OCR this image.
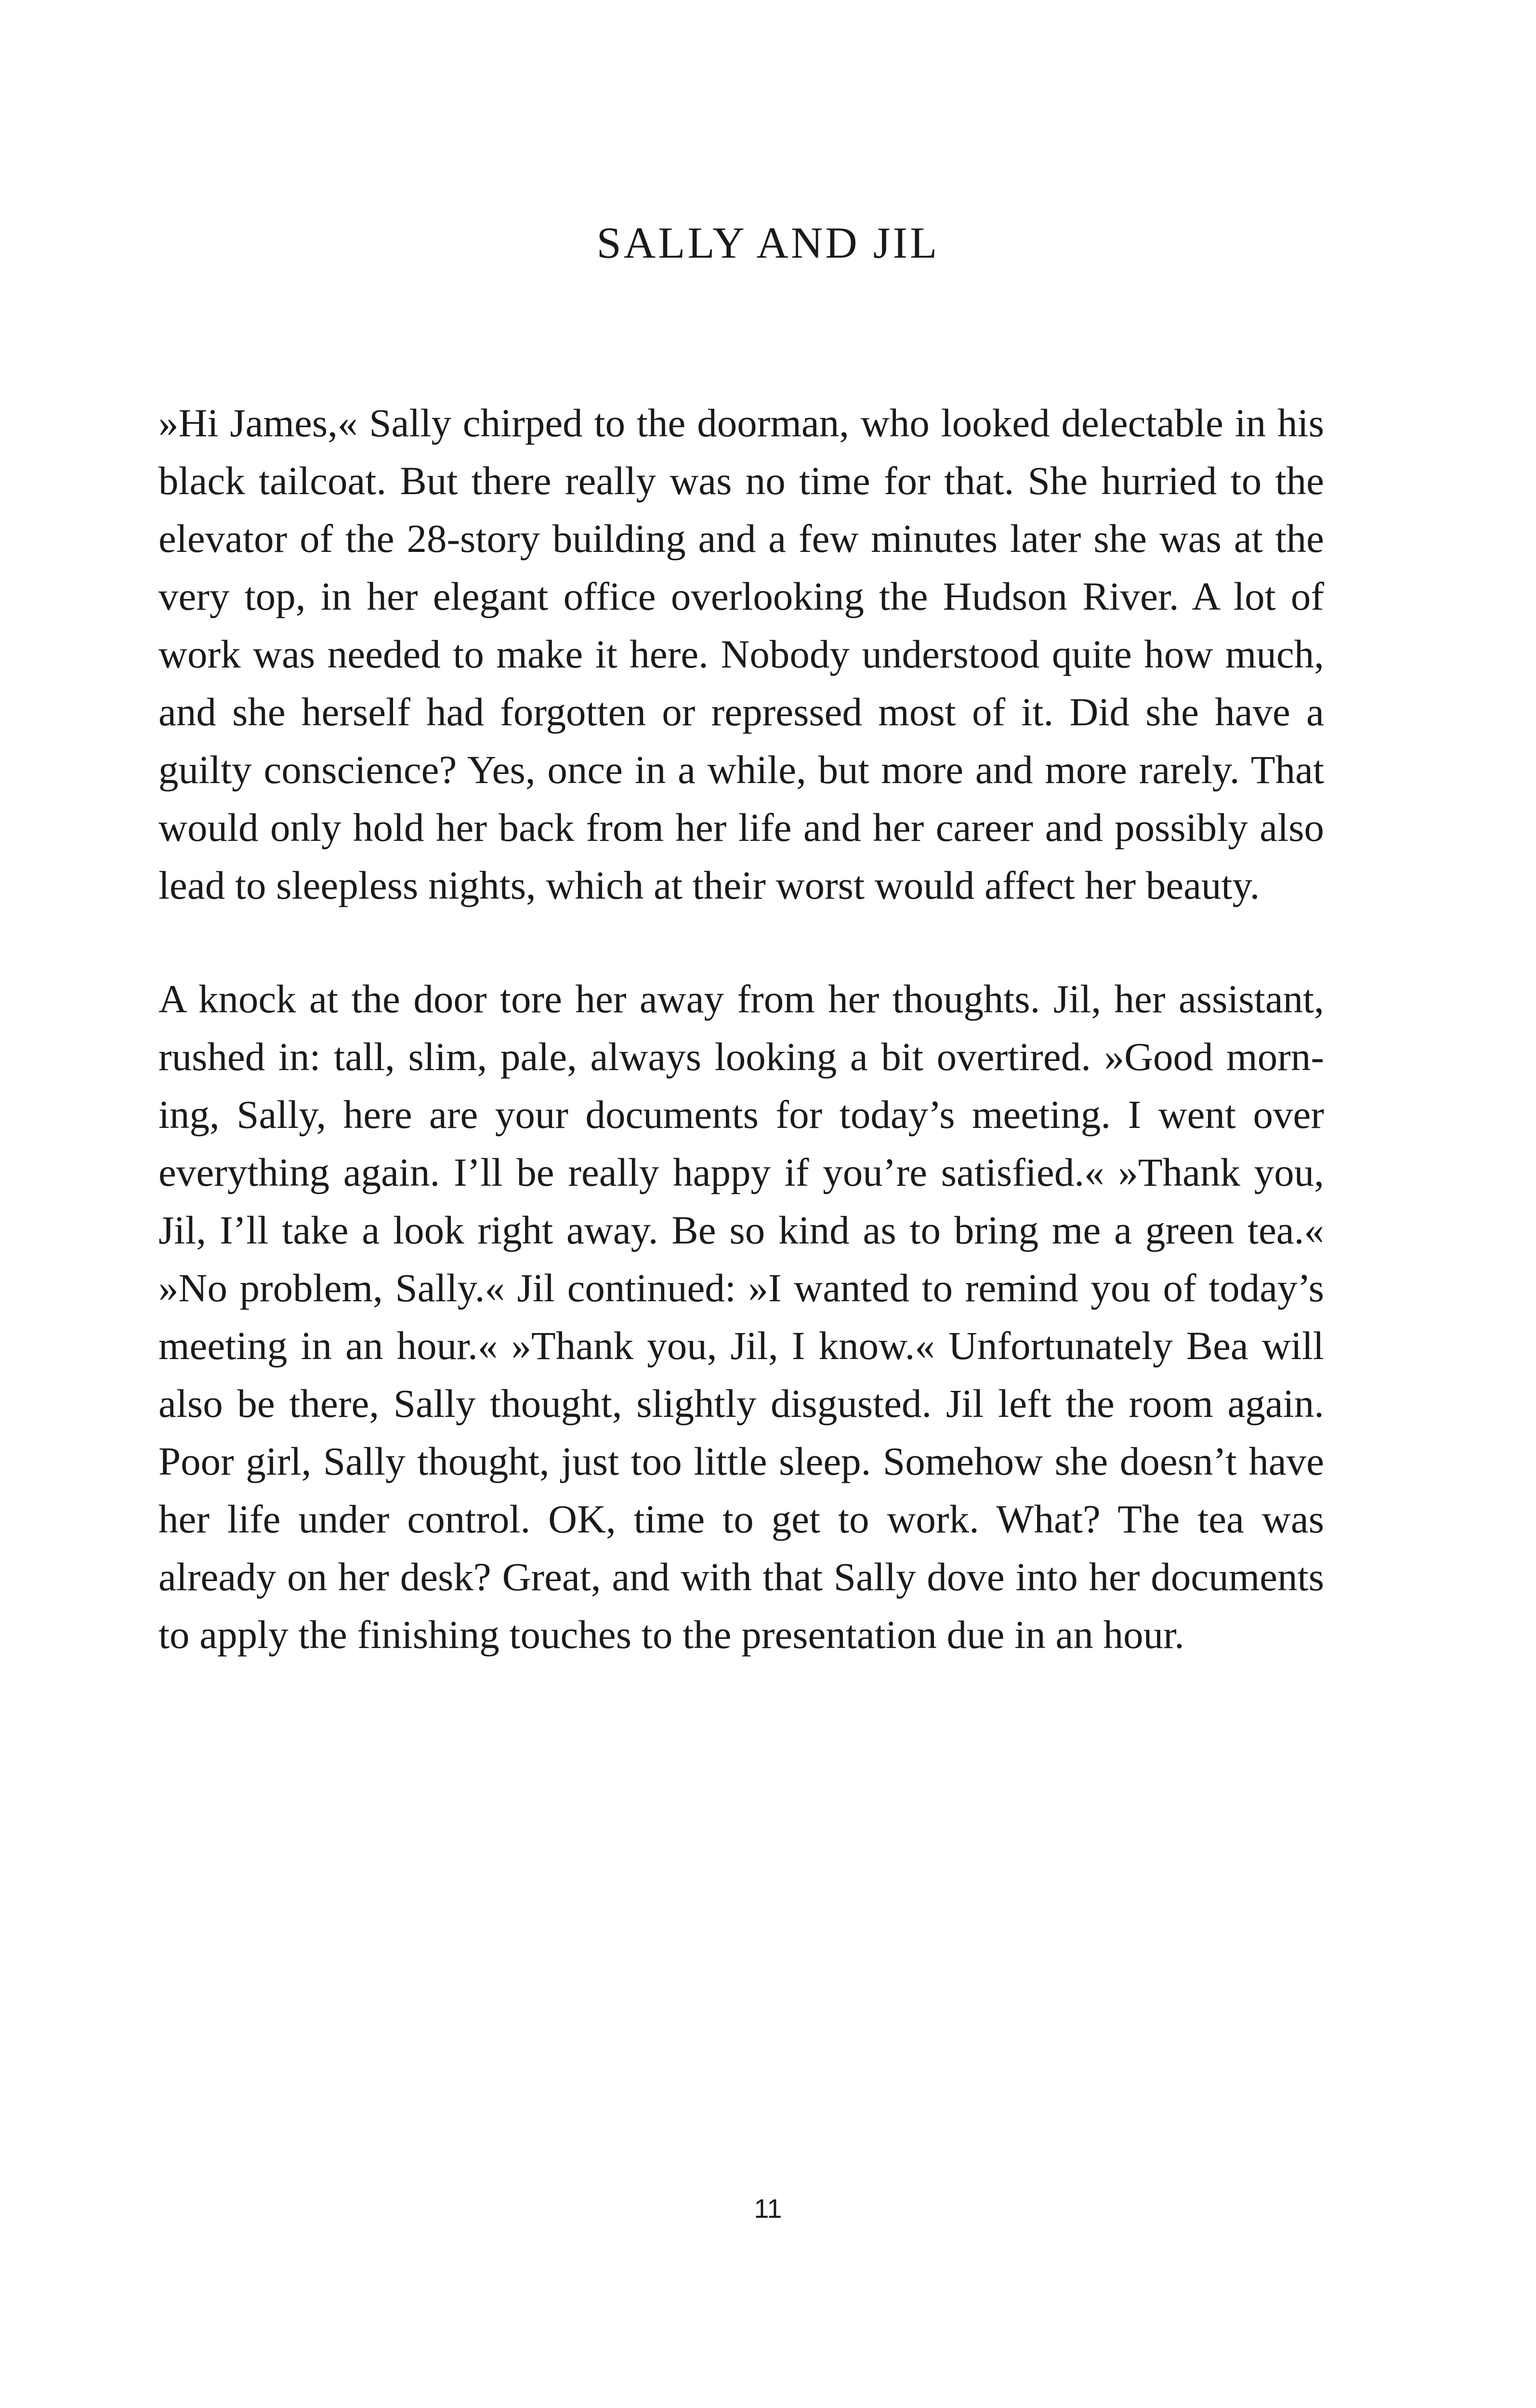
SALLY AND JIL

»Hi James,« Sally chirped to the doorman, who looked delectable in his black tailcoat. But there really was no time for that. She hurried to the elevator of the 28-story building and a few minutes later she was at the very top, in her elegant office overlooking the Hudson River. A lot of work was needed to make it here. Nobody understood quite how much, and she herself had forgotten or repressed most of it. Did she have a guilty conscience? Yes, once in a while, but more and more rarely. That would only hold her back from her life and her career and possibly also lead to sleepless nights, which at their worst would affect her beauty.

A knock at the door tore her away from her thoughts. Jil, her assistant, rushed in: tall, slim, pale, always looking a bit overtired. »Good morning, Sally, here are your documents for today’s meeting. I went over everything again. I’ll be really happy if you’re satisfied.« »Thank you, Jil, I’ll take a look right away. Be so kind as to bring me a green tea.« »No problem, Sally.« Jil continued: »I wanted to remind you of today’s meeting in an hour.« »Thank you, Jil, I know.« Unfortunately Bea will also be there, Sally thought, slightly disgusted. Jil left the room again. Poor girl, Sally thought, just too little sleep. Somehow she doesn’t have her life under control. OK, time to get to work. What? The tea was already on her desk? Great, and with that Sally dove into her documents to apply the finishing touches to the presentation due in an hour.

11
